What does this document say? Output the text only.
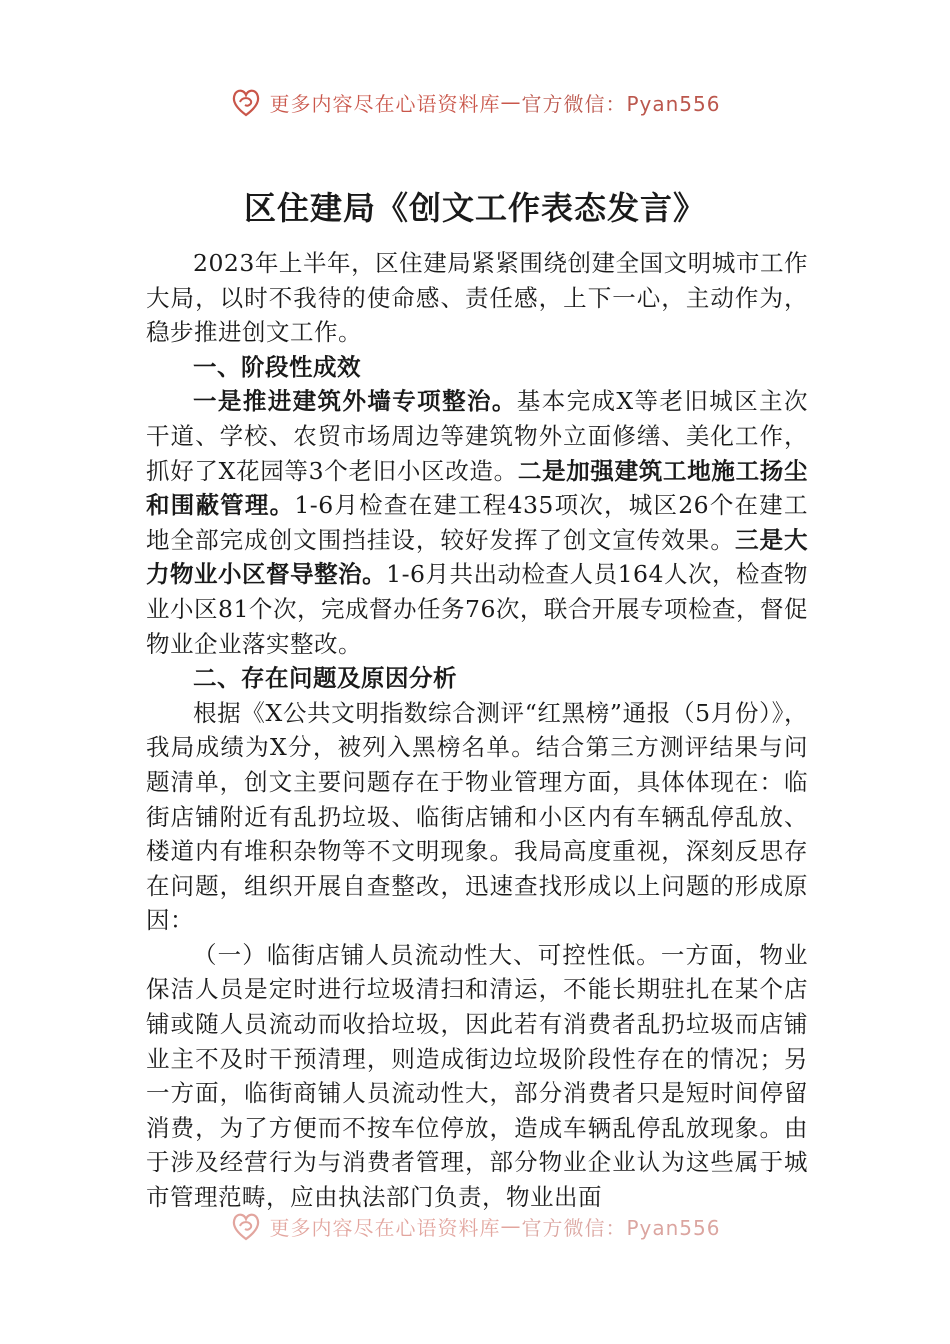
更多内容尽在心语资料库 — 官方微信：Pyan556
区住建局《创文工作表态发言》

2023年上半年，区住建局紧紧围绕创建全国文明城市工作大局，以时不我待的使命感、责任感，上下一心，主动作为，稳步推进创文工作。

一、阶段性成效

一是推进建筑外墙专项整治。基本完成X等老旧城区主次干道、学校、农贸市场周边等建筑物外立面修缮、美化工作，抓好了X花园等3个老旧小区改造。二是加强建筑工地施工扬尘和围蔽管理。1-6月检查在建工程435项次，城区26个在建工地全部完成创文围挡挂设，较好发挥了创文宣传效果。三是大力物业小区督导整治。1-6月共出动检查人员164人次，检查物业小区81个次，完成督办任务76次，联合开展专项检查，督促物业企业落实整改。

二、存在问题及原因分析

根据《X公共文明指数综合测评“红黑榜”通报（5月份）》，我局成绩为X分，被列入黑榜名单。结合第三方测评结果与问题清单，创文主要问题存在于物业管理方面，具体体现在：临街店铺附近有乱扔垃圾、临街店铺和小区内有车辆乱停乱放、楼道内有堆积杂物等不文明现象。我局高度重视，深刻反思存在问题，组织开展自查整改，迅速查找形成以上问题的形成原因：

（一）临街店铺人员流动性大、可控性低。一方面，物业保洁人员是定时进行垃圾清扫和清运，不能长期驻扎在某个店铺或随人员流动而收拾垃圾，因此若有消费者乱扔垃圾而店铺业主不及时干预清理，则造成街边垃圾阶段性存在的情况；另一方面，临街商铺人员流动性大，部分消费者只是短时间停留消费，为了方便而不按车位停放，造成车辆乱停乱放现象。由于涉及经营行为与消费者管理，部分物业企业认为这些属于城市管理范畴，应由执法部门负责，物业出面

更多内容尽在心语资料库 — 官方微信：Pyan556
